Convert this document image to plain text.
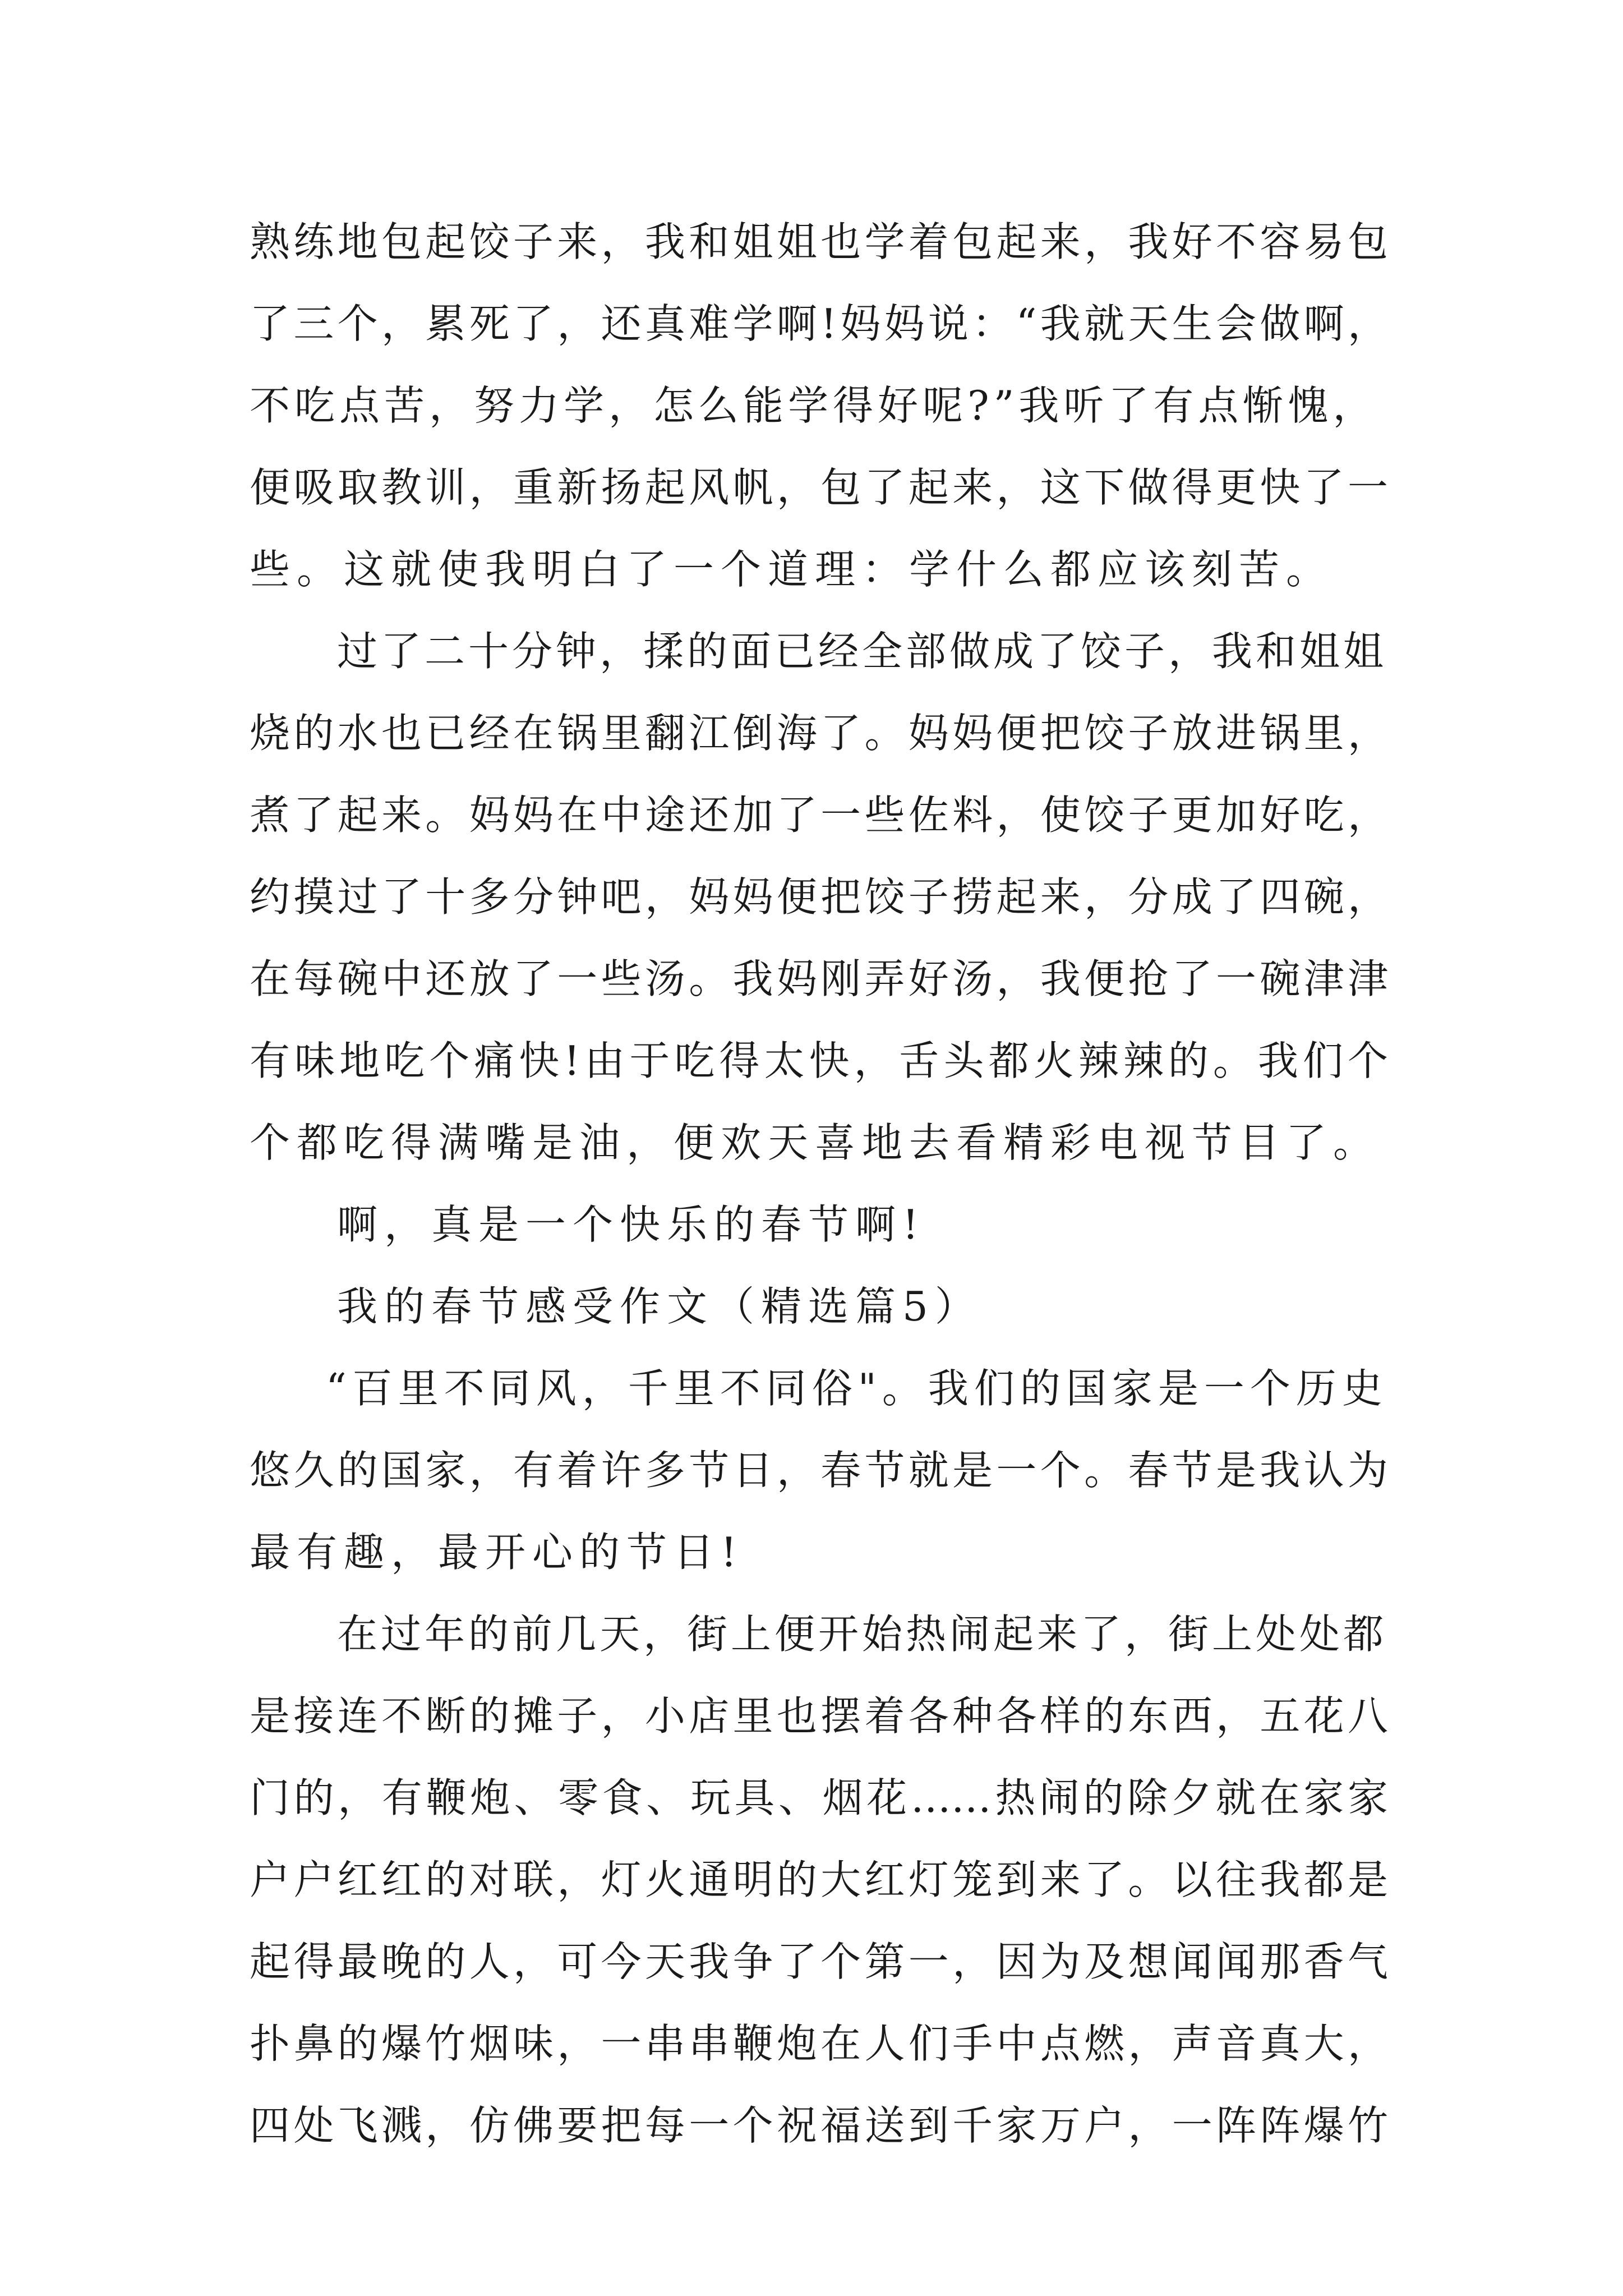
熟练地包起饺子来，我和姐姐也学着包起来，我好不容易包
了三个，累死了，还真难学啊!妈妈说：“我就天生会做啊，
不吃点苦，努力学，怎么能学得好呢?”我听了有点惭愧，
便吸取教训，重新扬起风帆，包了起来，这下做得更快了一
些。这就使我明白了一个道理：学什么都应该刻苦。
过了二十分钟，揉的面已经全部做成了饺子，我和姐姐
烧的水也已经在锅里翻江倒海了。妈妈便把饺子放进锅里，
煮了起来。妈妈在中途还加了一些佐料，使饺子更加好吃，
约摸过了十多分钟吧，妈妈便把饺子捞起来，分成了四碗，
在每碗中还放了一些汤。我妈刚弄好汤，我便抢了一碗津津
有味地吃个痛快!由于吃得太快，舌头都火辣辣的。我们个
个都吃得满嘴是油，便欢天喜地去看精彩电视节目了。
啊，真是一个快乐的春节啊!
我的春节感受作文（精选篇5）
“百里不同风，千里不同俗"。我们的国家是一个历史
悠久的国家，有着许多节日，春节就是一个。春节是我认为
最有趣，最开心的节日!
在过年的前几天，街上便开始热闹起来了，街上处处都
是接连不断的摊子，小店里也摆着各种各样的东西，五花八
门的，有鞭炮、零食、玩具、烟花……热闹的除夕就在家家
户户红红的对联，灯火通明的大红灯笼到来了。以往我都是
起得最晚的人，可今天我争了个第一，因为及想闻闻那香气
扑鼻的爆竹烟味，一串串鞭炮在人们手中点燃，声音真大，
四处飞溅，仿佛要把每一个祝福送到千家万户，一阵阵爆竹
